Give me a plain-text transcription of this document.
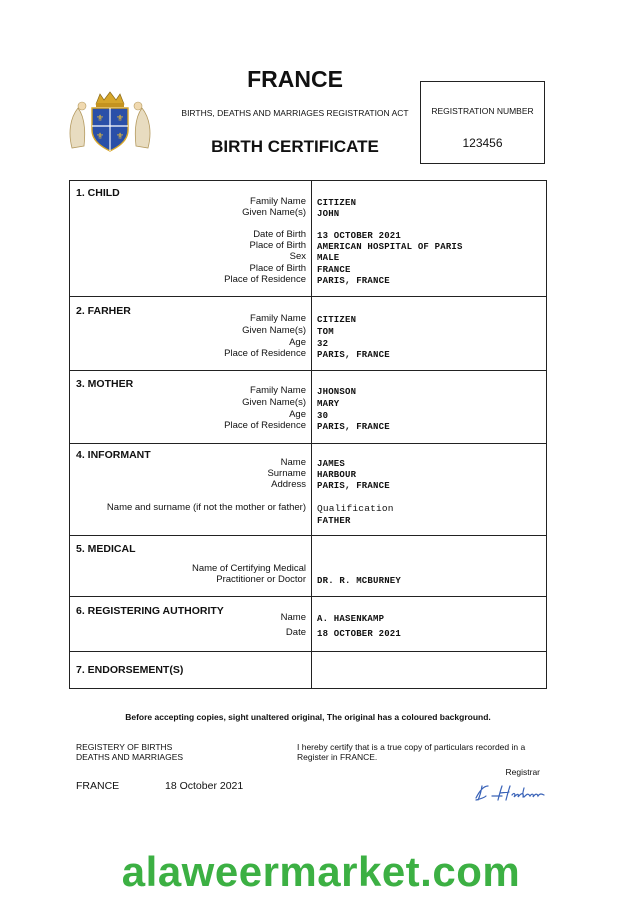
FRANCE
BIRTHS, DEATHS AND MARRIAGES REGISTRATION ACT
BIRTH CERTIFICATE
⚜ ⚜
⚜ ⚜
REGISTRATION NUMBER
123456
1. CHILD
Family Name CITIZEN
Given Name(s) JOHN
Date of Birth 13 OCTOBER 2021
Place of Birth AMERICAN HOSPITAL OF PARIS
Sex MALE
Place of Birth FRANCE
Place of Residence PARIS, FRANCE
2. FARHER
Family Name CITIZEN
Given Name(s) TOM
Age 32
Place of Residence PARIS, FRANCE
3. MOTHER
Family Name JHONSON
Given Name(s) MARY
Age 30
Place of Residence PARIS, FRANCE
4. INFORMANT
Name JAMES
Surname HARBOUR
Address PARIS, FRANCE
Name and surname (if not the mother or father) Qualification
FATHER
5. MEDICAL
Name of Certifying Medical
Practitioner or Doctor DR. R. MCBURNEY
6. REGISTERING AUTHORITY
Name A. HASENKAMP
Date 18 OCTOBER 2021
7. ENDORSEMENT(S)
Before accepting copies, sight unaltered original, The original has a coloured background.
REGISTERY OF BIRTHS
DEATHS AND MARRIAGES
I hereby certify that is a true copy of particulars recorded in a
Register in FRANCE.
Registrar
FRANCE	18 October 2021
alaweermarket.com
